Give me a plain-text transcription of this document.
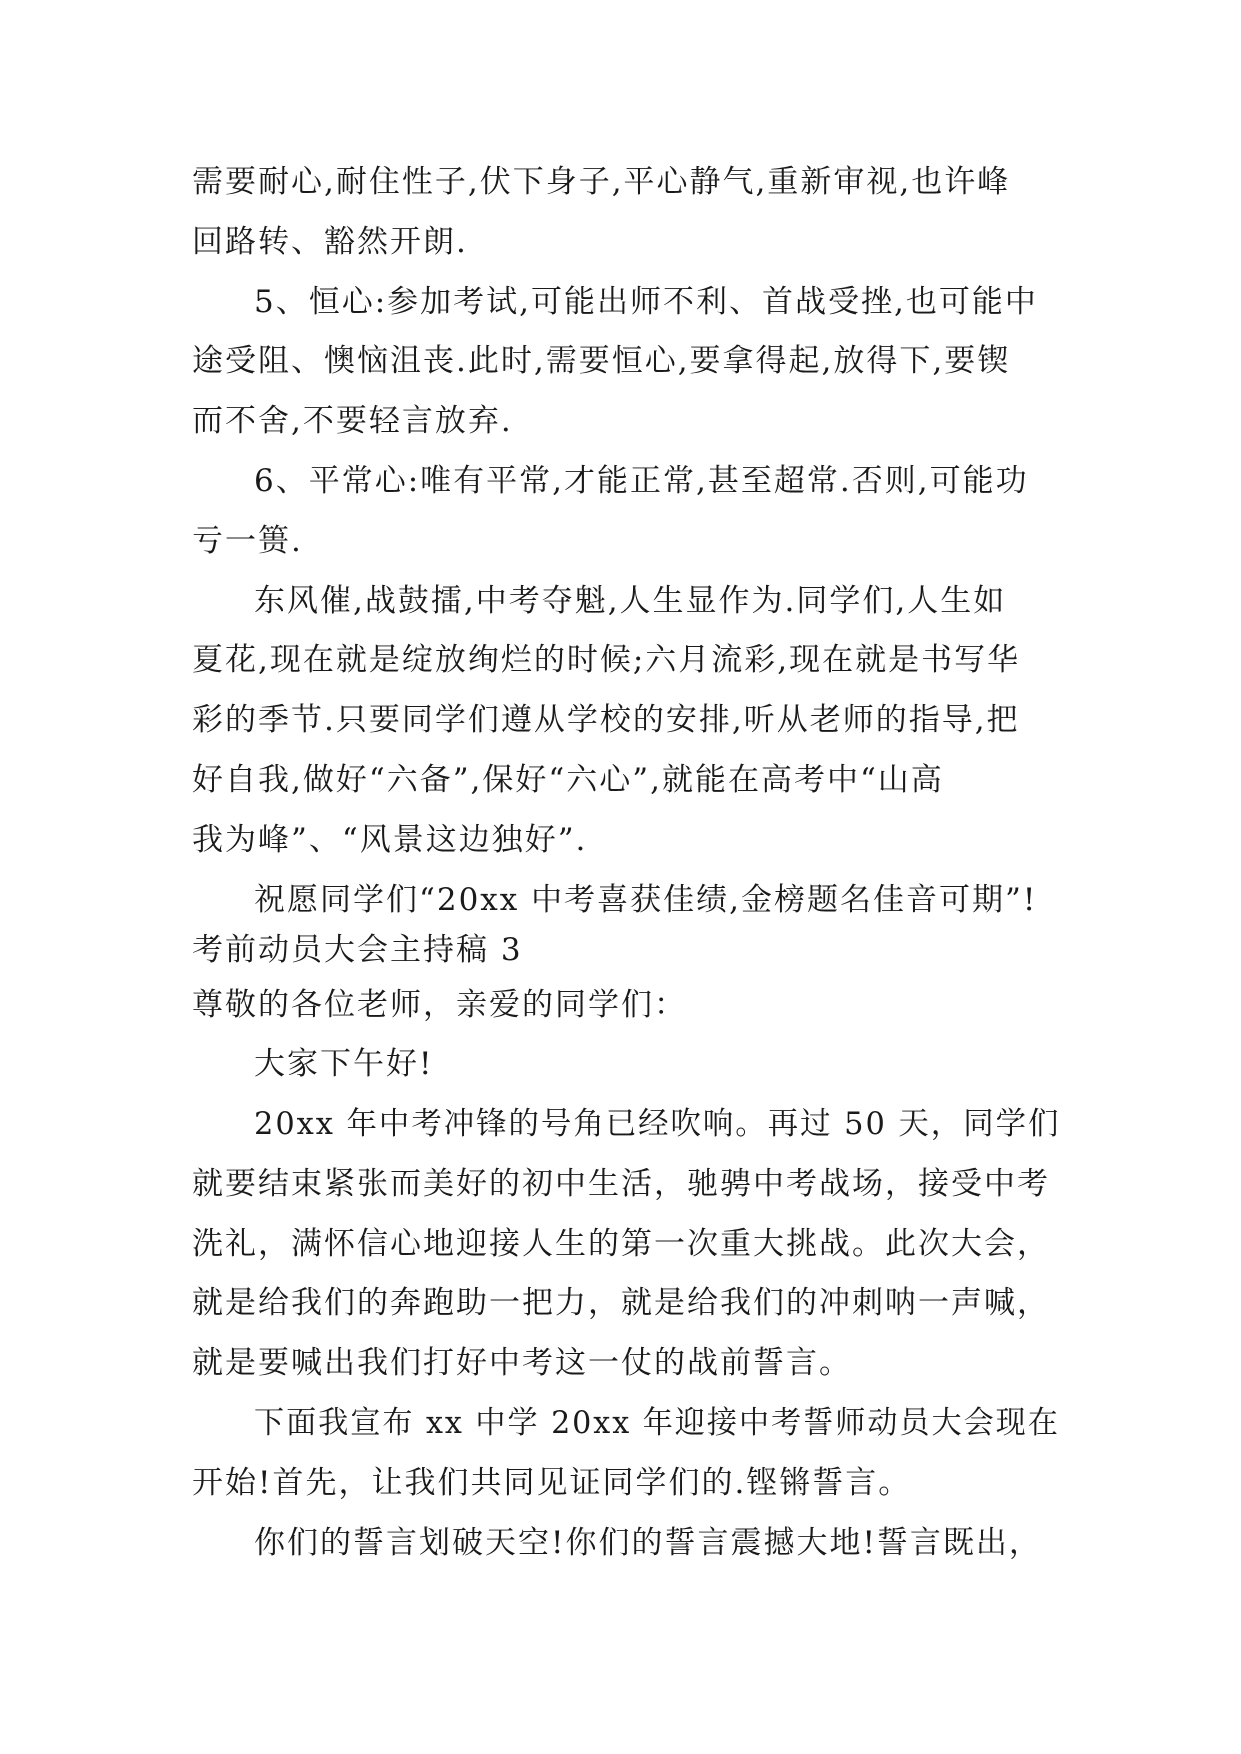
需要耐心,耐住性子,伏下身子,平心静气,重新审视,也许峰
回路转、豁然开朗.
5、恒心:参加考试,可能出师不利、首战受挫,也可能中
途受阻、懊恼沮丧.此时,需要恒心,要拿得起,放得下,要锲
而不舍,不要轻言放弃.
6、平常心:唯有平常,才能正常,甚至超常.否则,可能功
亏一篑.
东风催,战鼓擂,中考夺魁,人生显作为.同学们,人生如
夏花,现在就是绽放绚烂的时候;六月流彩,现在就是书写华
彩的季节.只要同学们遵从学校的安排,听从老师的指导,把
好自我,做好“六备”,保好“六心”,就能在高考中“山高
我为峰”、“风景这边独好”.
祝愿同学们“20xx 中考喜获佳绩,金榜题名佳音可期”!
考前动员大会主持稿 3
尊敬的各位老师，亲爱的同学们：
大家下午好!
20xx 年中考冲锋的号角已经吹响。再过 50 天，同学们
就要结束紧张而美好的初中生活，驰骋中考战场，接受中考
洗礼，满怀信心地迎接人生的第一次重大挑战。此次大会，
就是给我们的奔跑助一把力，就是给我们的冲刺呐一声喊，
就是要喊出我们打好中考这一仗的战前誓言。
下面我宣布 xx 中学 20xx 年迎接中考誓师动员大会现在
开始!首先，让我们共同见证同学们的.铿锵誓言。
你们的誓言划破天空!你们的誓言震撼大地!誓言既出，
